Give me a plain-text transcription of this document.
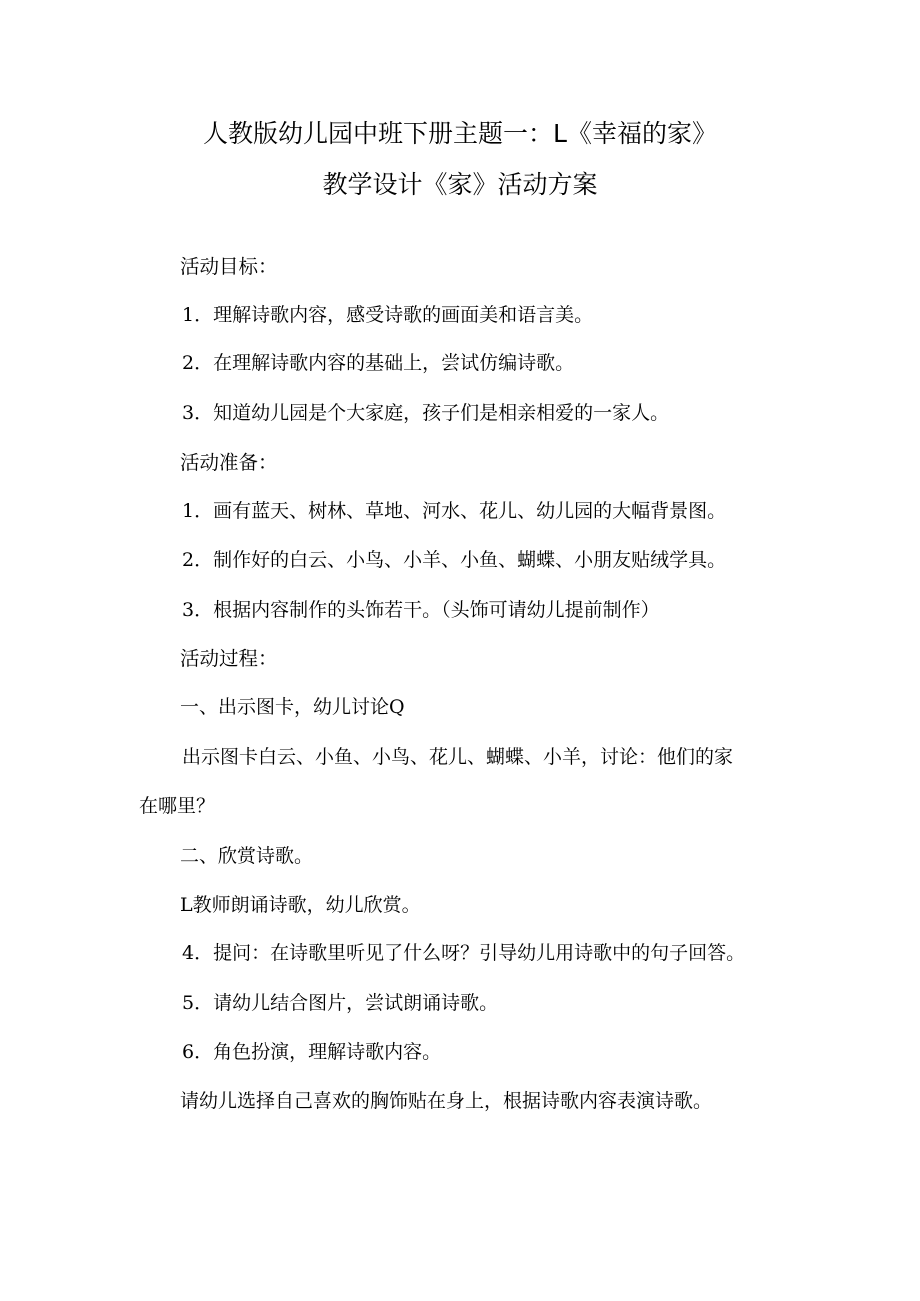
人教版幼儿园中班下册主题一：L《幸福的家》
教学设计《家》活动方案
活动目标：
1．理解诗歌内容，感受诗歌的画面美和语言美。
2．在理解诗歌内容的基础上，尝试仿编诗歌。
3．知道幼儿园是个大家庭，孩子们是相亲相爱的一家人。
活动准备：
1．画有蓝天、树林、草地、河水、花儿、幼儿园的大幅背景图。
2．制作好的白云、小鸟、小羊、小鱼、蝴蝶、小朋友贴绒学具。
3．根据内容制作的头饰若干。（头饰可请幼儿提前制作）
活动过程：
一、出示图卡，幼儿讨论Q
出示图卡白云、小鱼、小鸟、花儿、蝴蝶、小羊，讨论：他们的家
在哪里？
二、欣赏诗歌。
L教师朗诵诗歌，幼儿欣赏。
4．提问：在诗歌里听见了什么呀？引导幼儿用诗歌中的句子回答。
5．请幼儿结合图片，尝试朗诵诗歌。
6．角色扮演，理解诗歌内容。
请幼儿选择自己喜欢的胸饰贴在身上，根据诗歌内容表演诗歌。
